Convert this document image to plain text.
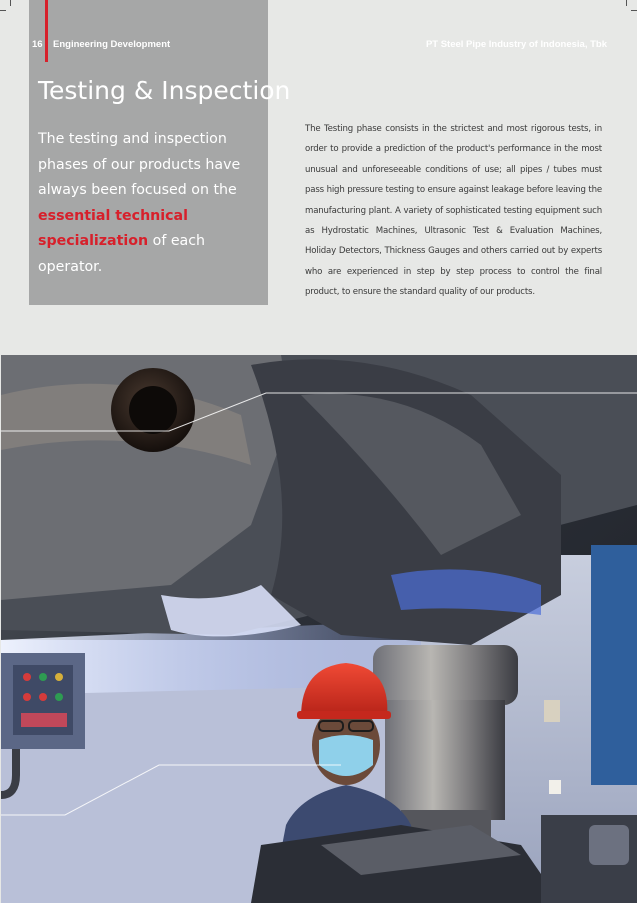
16 Engineering Development	PT Steel Pipe Industry of Indonesia, Tbk
Testing & Inspection

The testing and inspection phases of our products have always been focused on the essential technical specialization of each operator.

The Testing phase consists in the strictest and most rigorous tests, in order to provide a prediction of the product's performance in the most unusual and unforeseeable conditions of use; all pipes / tubes must pass high pressure testing to ensure against leakage before leaving the manufacturing plant. A variety of sophisticated testing equipment such as Hydrostatic Machines, Ultrasonic Test & Evaluation Machines, Holiday Detectors, Thickness Gauges and others carried out by experts who are experienced in step by step process to control the final product, to ensure the standard quality of our products.
